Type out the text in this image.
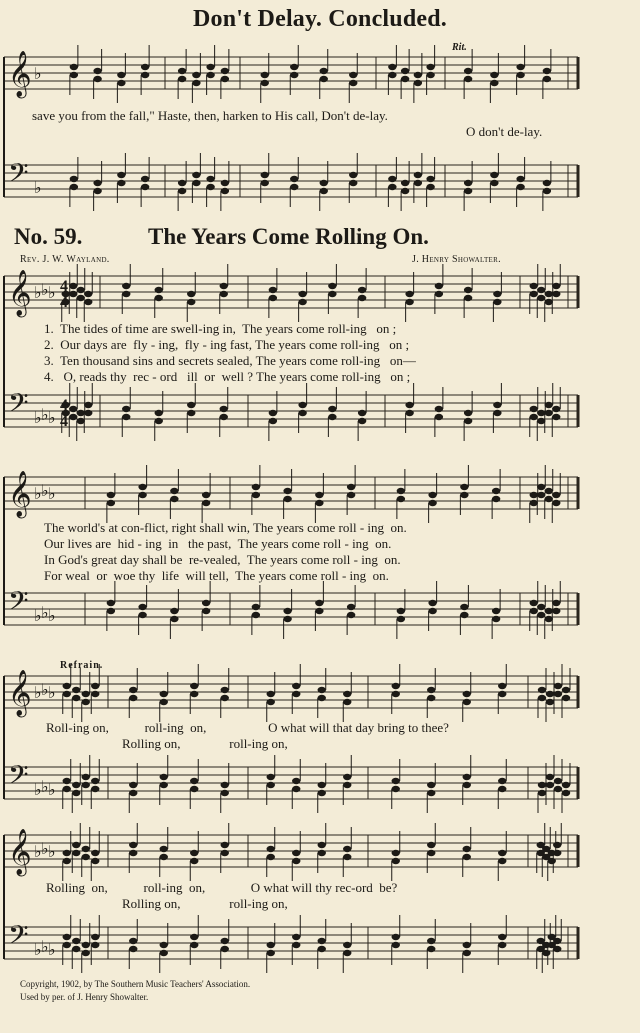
𝄞 ♭
𝄢 ♭
𝄞 ♭ ♭ ♭ 4
4
𝄢 ♭ ♭ ♭
4
4
𝄞 ♭ ♭ ♭
𝄢 ♭ ♭ ♭
𝄞 ♭ ♭ ♭
𝄢 ♭ ♭ ♭
𝄞 ♭ ♭ ♭
𝄢 ♭ ♭ ♭
Don't Delay. Concluded.
Rit.
save you from the fall," Haste, then, harken to His call, Don't de-lay.
O don't de-lay.
No. 59.	The Years Come Rolling On.
Rev. J. W. Wayland.	J. Henry Showalter.
1.  The tides of time are swell-ing in,  The years come roll-ing   on ;
2.  Our days are  fly - ing,  fly - ing fast, The years come roll-ing   on ;
3.  Ten thousand sins and secrets sealed, The years come roll-ing   on—
4.   O, reads thy  rec - ord   ill  or  well ? The years come roll-ing   on ;
The world's at con-flict, right shall win, The years come roll - ing  on.
Our lives are  hid - ing  in   the past,  The years come roll - ing  on.
In God's great day shall be  re-vealed,  The years come roll - ing  on.
For weal  or  woe thy  life  will tell,  The years come roll - ing  on.
Refrain.
Roll-ing on,           roll-ing  on,                   O what will that day bring to thee?
Rolling on,               roll-ing on,
Rolling  on,           roll-ing  on,              O what will thy rec-ord  be?
Rolling on,               roll-ing on,
Copyright, 1902, by The Southern Music Teachers' Association.
Used by per. of J. Henry Showalter.
